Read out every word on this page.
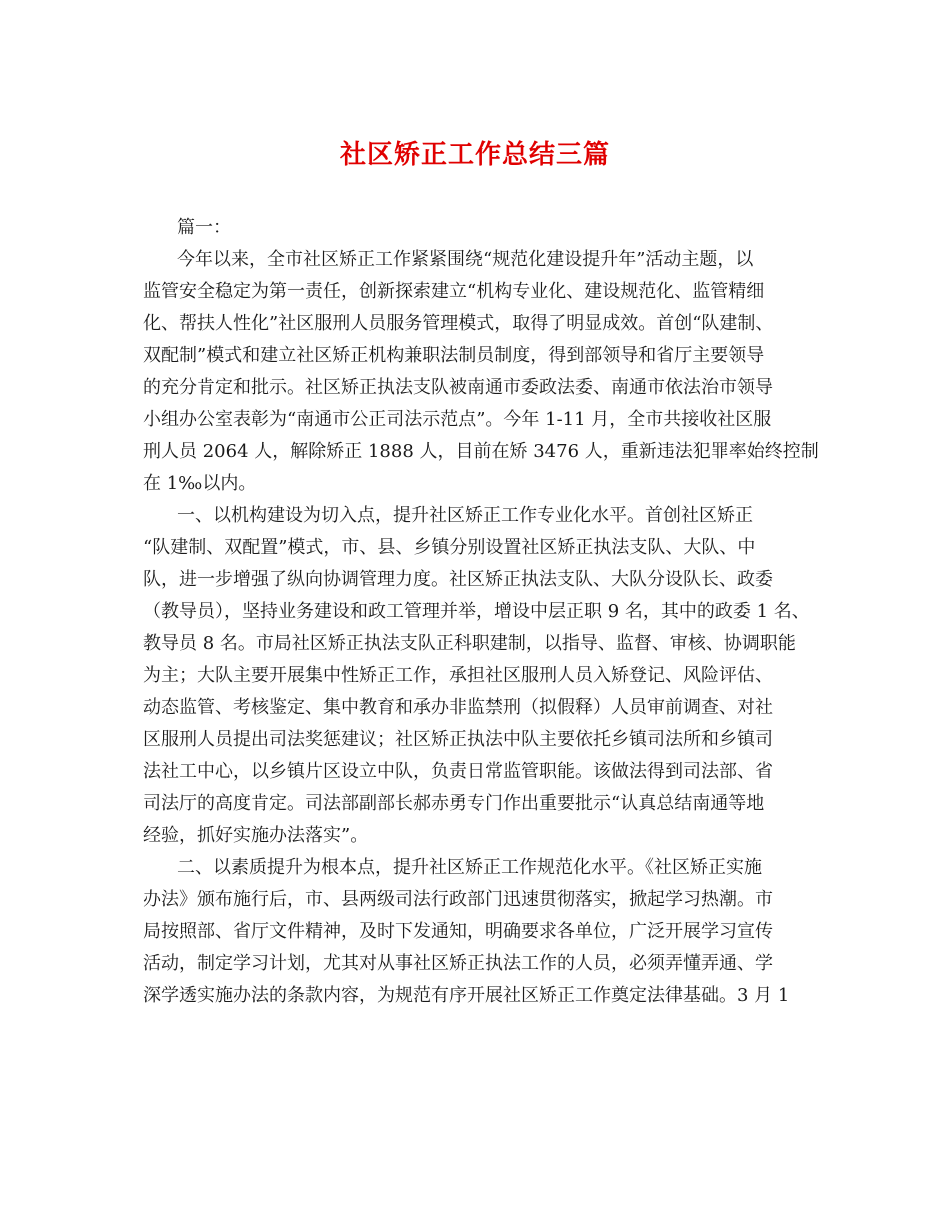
社区矫正工作总结三篇
篇一：
今年以来，全市社区矫正工作紧紧围绕“规范化建设提升年”活动主题，以
监管安全稳定为第一责任，创新探索建立“机构专业化、建设规范化、监管精细
化、帮扶人性化”社区服刑人员服务管理模式，取得了明显成效。首创“队建制、
双配制”模式和建立社区矫正机构兼职法制员制度，得到部领导和省厅主要领导
的充分肯定和批示。社区矫正执法支队被南通市委政法委、南通市依法治市领导
小组办公室表彰为“南通市公正司法示范点”。今年 1-11 月，全市共接收社区服
刑人员 2064 人，解除矫正 1888 人，目前在矫 3476 人，重新违法犯罪率始终控制
在 1‰以内。
一、以机构建设为切入点，提升社区矫正工作专业化水平。首创社区矫正
“队建制、双配置”模式，市、县、乡镇分别设置社区矫正执法支队、大队、中
队，进一步增强了纵向协调管理力度。社区矫正执法支队、大队分设队长、政委
（教导员），坚持业务建设和政工管理并举，增设中层正职 9 名，其中的政委 1 名、
教导员 8 名。市局社区矫正执法支队正科职建制，以指导、监督、审核、协调职能
为主；大队主要开展集中性矫正工作，承担社区服刑人员入矫登记、风险评估、
动态监管、考核鉴定、集中教育和承办非监禁刑（拟假释）人员审前调查、对社
区服刑人员提出司法奖惩建议；社区矫正执法中队主要依托乡镇司法所和乡镇司
法社工中心，以乡镇片区设立中队，负责日常监管职能。该做法得到司法部、省
司法厅的高度肯定。司法部副部长郝赤勇专门作出重要批示“认真总结南通等地
经验，抓好实施办法落实”。
二、以素质提升为根本点，提升社区矫正工作规范化水平。《社区矫正实施
办法》颁布施行后，市、县两级司法行政部门迅速贯彻落实，掀起学习热潮。市
局按照部、省厅文件精神，及时下发通知，明确要求各单位，广泛开展学习宣传
活动，制定学习计划，尤其对从事社区矫正执法工作的人员，必须弄懂弄通、学
深学透实施办法的条款内容，为规范有序开展社区矫正工作奠定法律基础。3 月 1
